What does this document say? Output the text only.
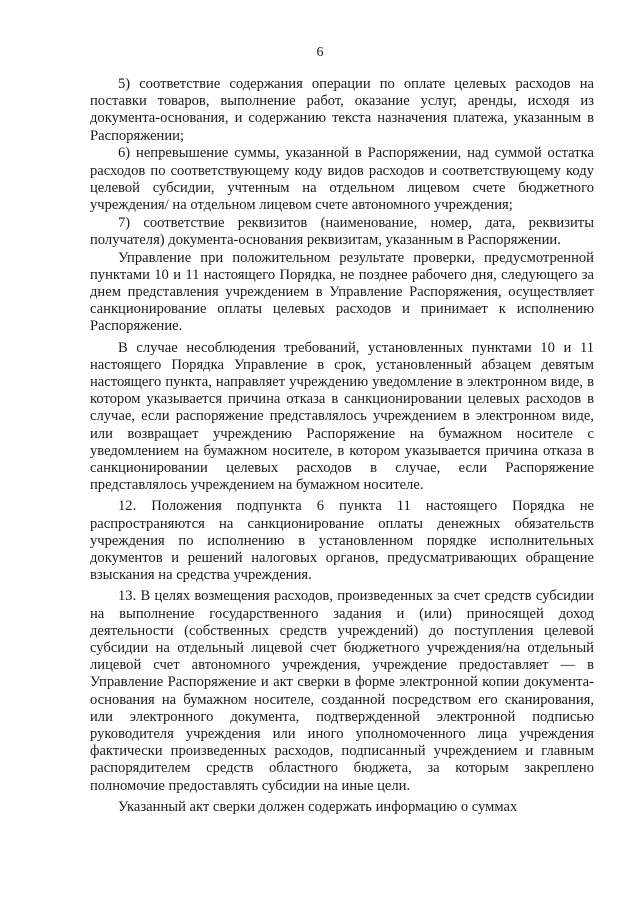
6

5) соответствие содержания операции по оплате целевых расходов на поставки товаров, выполнение работ, оказание услуг, аренды, исходя из документа-основания, и содержанию текста назначения платежа, указанным в Распоряжении;

6) непревышение суммы, указанной в Распоряжении, над суммой остатка расходов по соответствующему коду видов расходов и соответствующему коду целевой субсидии, учтенным на отдельном лицевом счете бюджетного учреждения/ на отдельном лицевом счете автономного учреждения;

7) соответствие реквизитов (наименование, номер, дата, реквизиты получателя) документа-основания реквизитам, указанным в Распоряжении.

Управление при положительном результате проверки, предусмотренной пунктами 10 и 11 настоящего Порядка, не позднее рабочего дня, следующего за днем представления учреждением в Управление Распоряжения, осуществляет санкционирование оплаты целевых расходов и принимает к исполнению Распоряжение.

В случае несоблюдения требований, установленных пунктами 10 и 11 настоящего Порядка Управление в срок, установленный абзацем девятым настоящего пункта, направляет учреждению уведомление в электронном виде, в котором указывается причина отказа в санкционировании целевых расходов в случае, если распоряжение представлялось учреждением в электронном виде, или возвращает учреждению Распоряжение на бумажном носителе с уведомлением на бумажном носителе, в котором указывается причина отказа в санкционировании целевых расходов в случае, если Распоряжение представлялось учреждением на бумажном носителе.

12. Положения подпункта 6 пункта 11 настоящего Порядка не распространяются на санкционирование оплаты денежных обязательств учреждения по исполнению в установленном порядке исполнительных документов и решений налоговых органов, предусматривающих обращение взыскания на средства учреждения.

13. В целях возмещения расходов, произведенных за счет средств субсидии на выполнение государственного задания и (или) приносящей доход деятельности (собственных средств учреждений) до поступления целевой субсидии на отдельный лицевой счет бюджетного учреждения/на отдельный лицевой счет автономного учреждения, учреждение предоставляет — в Управление Распоряжение и акт сверки в форме электронной копии документа-основания на бумажном носителе, созданной посредством его сканирования, или электронного документа, подтвержденной электронной подписью руководителя учреждения или иного уполномоченного лица учреждения фактически произведенных расходов, подписанный учреждением и главным распорядителем средств областного бюджета, за которым закреплено полномочие предоставлять субсидии на иные цели.

Указанный акт сверки должен содержать информацию о суммах
